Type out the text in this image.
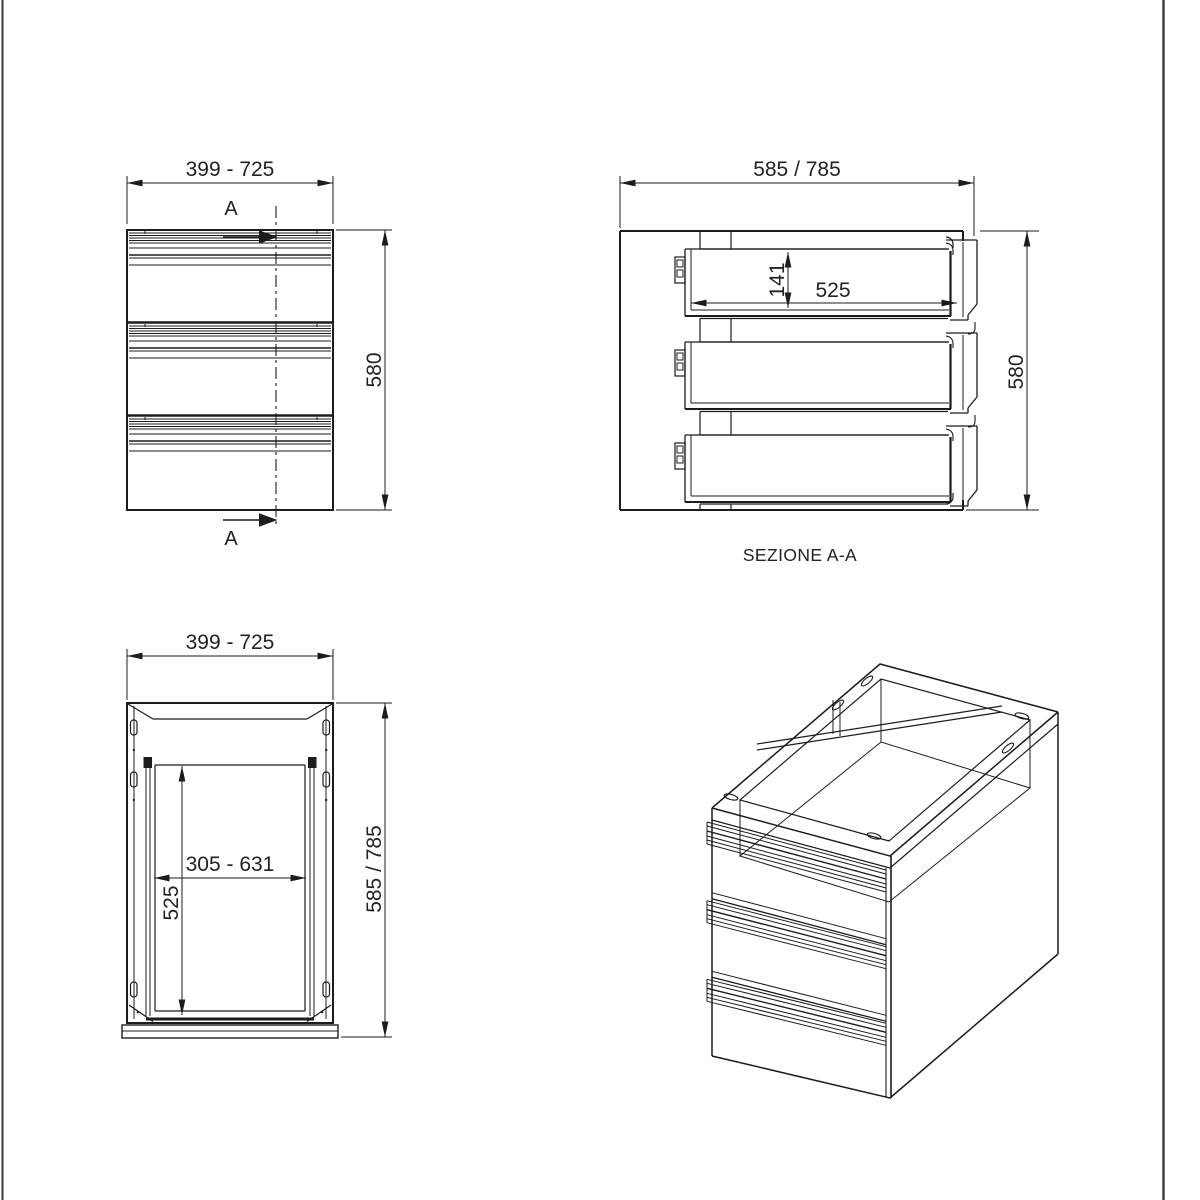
399 - 725
A
A
580
585 / 785
141 525
580
SEZIONE A-A
399 - 725
305 - 631
525	585 / 785
